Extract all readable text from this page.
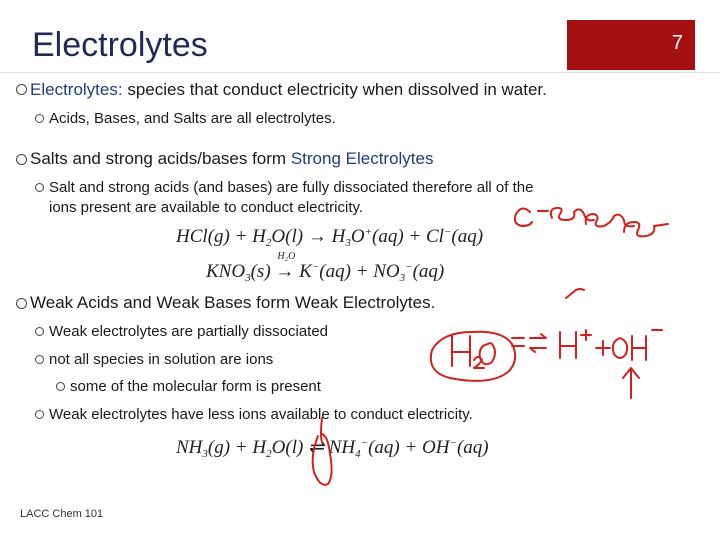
Electrolytes	7
Electrolytes: species that conduct electricity when dissolved in water.
Acids, Bases, and Salts are all electrolytes.
Salts and strong acids/bases form Strong Electrolytes
Salt and strong acids (and bases) are fully dissociated therefore all of the
ions present are available to conduct electricity.
$HCl(g) + H_2O(l) \to H_3O^+(aq) + Cl^-(aq)$
$KNO_3(s)$
H₂O
→ $K^-(aq) + NO_3^-(aq)$
Weak Acids and Weak Bases form Weak Electrolytes.
Weak electrolytes are partially dissociated
not all species in solution are ions
some of the molecular form is present
Weak electrolytes have less ions available to conduct electricity.
$NH_3(g) + H_2O(l)$ ⇌ $NH_4^-(aq) + OH^-(aq)$
LACC Chem 101
